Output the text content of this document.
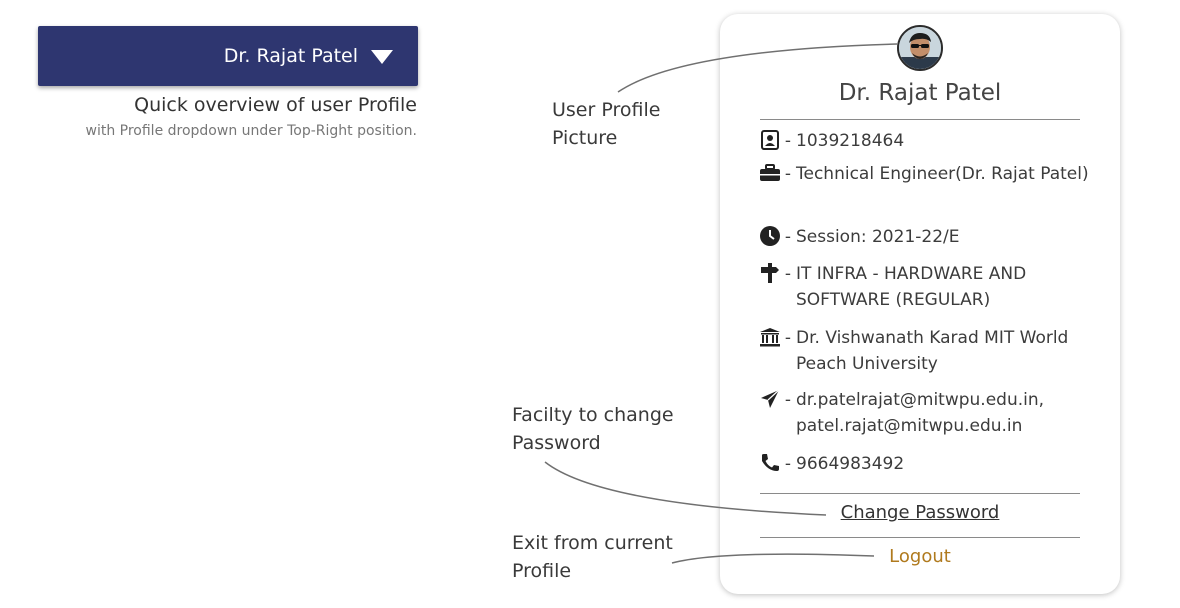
Dr. Rajat Patel
Quick overview of user Profile
with Profile dropdown under Top-Right position.
User Profile
Picture
Facilty to change
Password
Exit from current
Profile
Dr. Rajat Patel
- 1039218464
- Technical Engineer(Dr. Rajat Patel)
- Session: 2021-22/E
- IT INFRA - HARDWARE AND SOFTWARE (REGULAR)
- Dr. Vishwanath Karad MIT World Peach University
- dr.patelrajat@mitwpu.edu.in, patel.rajat@mitwpu.edu.in
- 9664983492
Change Password
Logout
